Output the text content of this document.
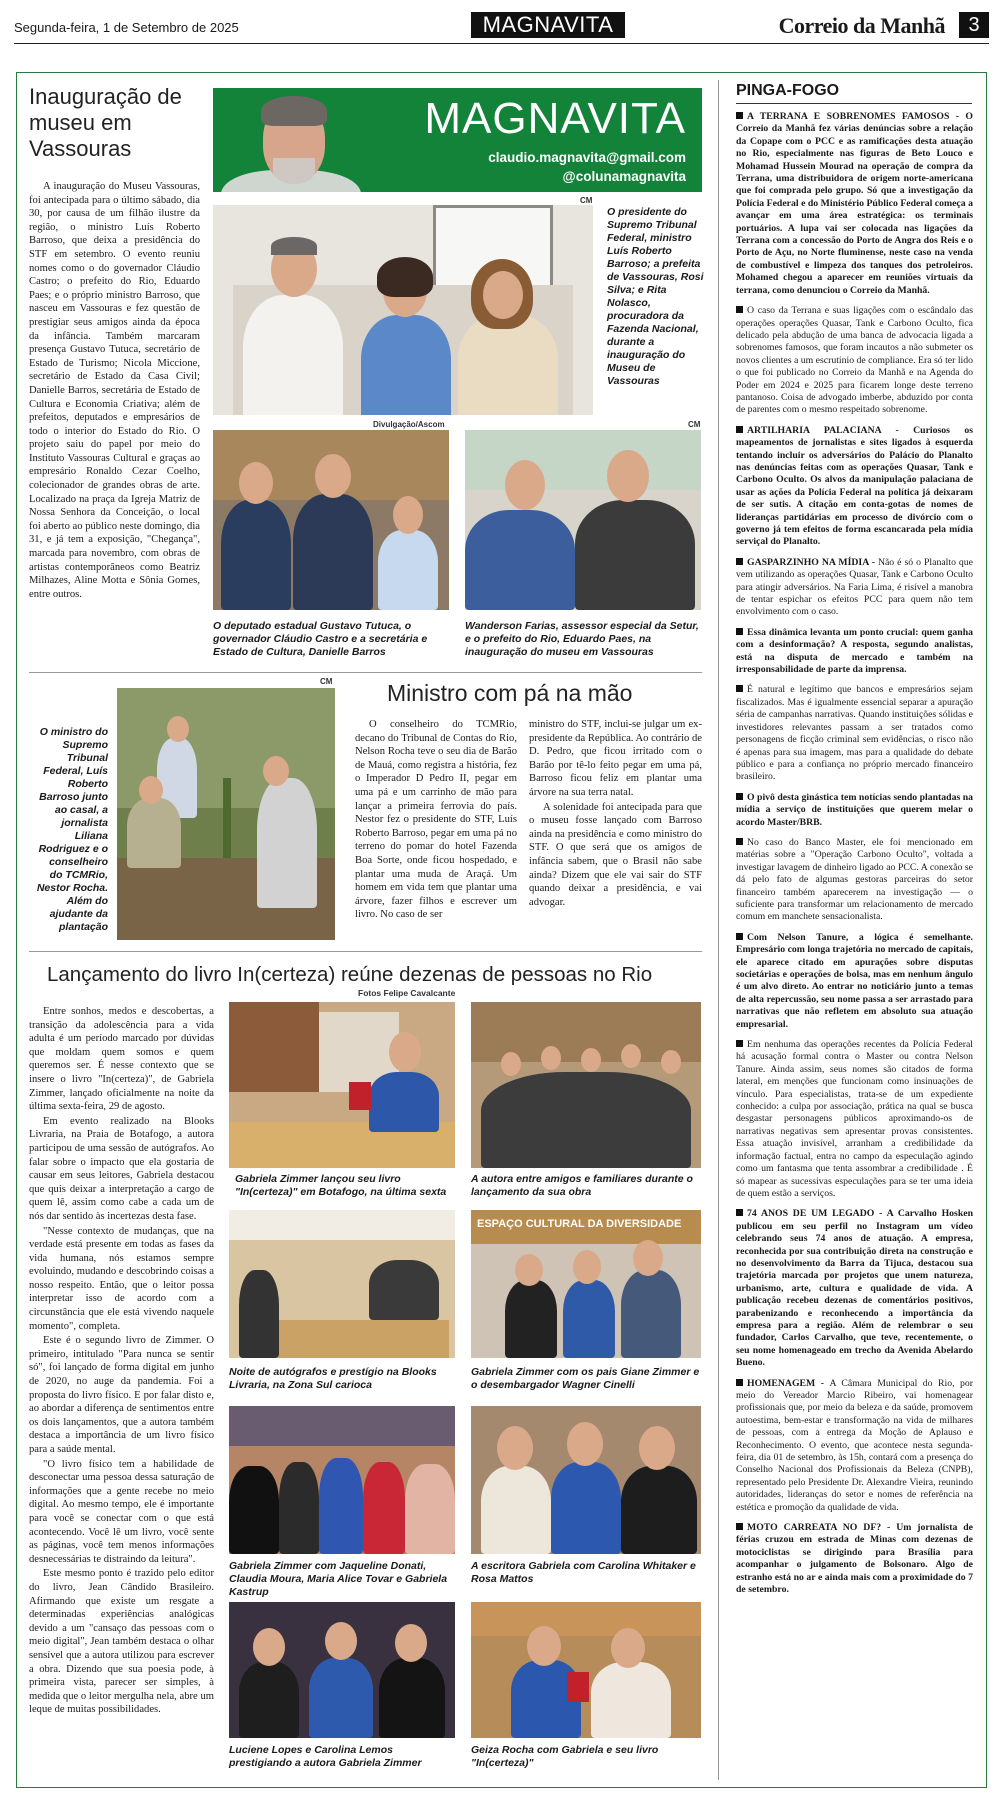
Segunda-feira, 1 de Setembro de 2025	MAGNAVITA	Correio da Manhã	3
Inauguração de museu em Vassouras

A inauguração do Museu Vassouras, foi antecipada para o último sábado, dia 30, por causa de um filhão ilustre da região, o ministro Luís Roberto Barroso, que deixa a presidência do STF em setembro. O evento reuniu nomes como o do governador Cláudio Castro; o prefeito do Rio, Eduardo Paes; e o próprio ministro Barroso, que nasceu em Vassouras e fez questão de prestigiar seus amigos ainda da época da infância. Também marcaram presença Gustavo Tutuca, secretário de Estado de Turismo; Nicola Miccione, secretário de Estado da Casa Civil; Danielle Barros, secretária de Estado de Cultura e Economia Criativa; além de prefeitos, deputados e empresários de todo o interior do Estado do Rio. O projeto saiu do papel por meio do Instituto Vassouras Cultural e graças ao empresário Ronaldo Cezar Coelho, colecionador de grandes obras de arte. Localizado na praça da Igreja Matriz de Nossa Senhora da Conceição, o local foi aberto ao público neste domingo, dia 31, e já tem a exposição, "Chegança", marcada para novembro, com obras de artistas contemporâneos como Beatriz Milhazes, Aline Motta e Sônia Gomes, entre outros.

MAGNAVITA
claudio.magnavita@gmail.com
@colunamagnavita
CM
O presidente do Supremo Tribunal Federal, ministro Luís Roberto Barroso; a prefeita de Vassouras, Rosi Silva; e Rita Nolasco, procuradora da Fazenda Nacional, durante a inauguração do Museu de Vassouras
Divulgação/Ascom	CM
O deputado estadual Gustavo Tutuca, o governador Cláudio Castro e a secretária e Estado de Cultura, Danielle Barros
Wanderson Farias, assessor especial da Setur, e o prefeito do Rio, Eduardo Paes, na inauguração do museu em Vassouras
O ministro do Supremo Tribunal Federal, Luís Roberto Barroso junto ao casal, a jornalista Liliana Rodriguez e o conselheiro do TCMRio, Nestor Rocha. Além do ajudante da plantação
CM Ministro com pá na mão

O conselheiro do TCMRio, decano do Tribunal de Contas do Rio, Nelson Rocha teve o seu dia de Barão de Mauá, como registra a história, fez o Imperador D Pedro II, pegar em uma pá e um carrinho de mão para lançar a primeira ferrovia do país. Nestor fez o presidente do STF, Luís Roberto Barroso, pegar em uma pá no terreno do pomar do hotel Fazenda Boa Sorte, onde ficou hospedado, e plantar uma muda de Araçá. Um homem em vida tem que plantar uma árvore, fazer filhos e escrever um livro. No caso de ser

ministro do STF, inclui-se julgar um ex-presidente da República. Ao contrário de D. Pedro, que ficou irritado com o Barão por tê-lo feito pegar em uma pá, Barroso ficou feliz em plantar uma árvore na sua terra natal.

A solenidade foi antecipada para que o museu fosse lançado com Barroso ainda na presidência e como ministro do STF. O que será que os amigos de infância sabem, que o Brasil não sabe ainda? Dizem que ele vai sair do STF quando deixar a presidência, e vai advogar.

Lançamento do livro In(certeza) reúne dezenas de pessoas no Rio
Fotos Felipe Cavalcante

Entre sonhos, medos e descobertas, a transição da adolescência para a vida adulta é um período marcado por dúvidas que moldam quem somos e quem queremos ser. É nesse contexto que se insere o livro "In(certeza)", de Gabriela Zimmer, lançado oficialmente na noite da última sexta-feira, 29 de agosto.

Em evento realizado na Blooks Livraria, na Praia de Botafogo, a autora participou de uma sessão de autógrafos. Ao falar sobre o impacto que ela gostaria de causar em seus leitores, Gabriela destacou que quis deixar a interpretação a cargo de quem lê, assim como cabe a cada um de nós dar sentido às incertezas desta fase.

"Nesse contexto de mudanças, que na verdade está presente em todas as fases da vida humana, nós estamos sempre evoluindo, mudando e descobrindo coisas a nosso respeito. Então, que o leitor possa interpretar isso de acordo com a circunstância que ele está vivendo naquele momento", completa.

Este é o segundo livro de Zimmer. O primeiro, intitulado "Para nunca se sentir só", foi lançado de forma digital em junho de 2020, no auge da pandemia. Foi a proposta do livro físico. E por falar disto e, ao abordar a diferença de sentimentos entre os dois lançamentos, que a autora também destaca a importância de um livro físico para a saúde mental.

"O livro físico tem a habilidade de desconectar uma pessoa dessa saturação de informações que a gente recebe no meio digital. Ao mesmo tempo, ele é importante para você se conectar com o que está acontecendo. Você lê um livro, você sente as páginas, você tem menos informações desnecessárias te distraindo da leitura".

Este mesmo ponto é trazido pelo editor do livro, Jean Cândido Brasileiro. Afirmando que existe um resgate a determinadas experiências analógicas devido a um "cansaço das pessoas com o meio digital", Jean também destaca o olhar sensível que a autora utilizou para escrever a obra. Dizendo que sua poesia pode, à primeira vista, parecer ser simples, à medida que o leitor mergulha nela, abre um leque de muitas possibilidades.

Gabriela Zimmer lançou seu livro "In(certeza)" em Botafogo, na última sexta
A autora entre amigos e familiares durante o lançamento da sua obra
ESPAÇO CULTURAL DA DIVERSIDADE
Noite de autógrafos e prestígio na Blooks Livraria, na Zona Sul carioca
Gabriela Zimmer com os pais Giane Zimmer e o desembargador Wagner Cinelli
Gabriela Zimmer com Jaqueline Donati, Claudia Moura, Maria Alice Tovar e Gabriela Kastrup
A escritora Gabriela com Carolina Whitaker e Rosa Mattos
Luciene Lopes e Carolina Lemos prestigiando a autora Gabriela Zimmer
Geiza Rocha com Gabriela e seu livro "In(certeza)"
PINGA-FOGO

A TERRANA E SOBRENOMES FAMOSOS - O Correio da Manhã fez várias denúncias sobre a relação da Copape com o PCC e as ramificações desta atuação no Rio, especialmente nas figuras de Beto Louco e Mohamad Hussein Mourad na operação de compra da Terrana, uma distribuidora de origem norte-americana que foi comprada pelo grupo. Só que a investigação da Polícia Federal e do Ministério Público Federal começa a avançar em uma área estratégica: os terminais portuários. A lupa vai ser colocada nas ligações da Terrana com a concessão do Porto de Angra dos Reis e o Porto de Açu, no Norte fluminense, neste caso na venda de combustível e limpeza dos tanques dos petroleiros. Mohamed chegou a aparecer em reuniões virtuais da terrana, como denunciou o Correio da Manhã.

O caso da Terrana e suas ligações com o escândalo das operações operações Quasar, Tank e Carbono Oculto, fica delicado pela abdução de uma banca de advocacia ligada a sobrenomes famosos, que foram incautos a não submeter os novos clientes a um escrutínio de compliance. Era só ter lido o que foi publicado no Correio da Manhã e na Agenda do Poder em 2024 e 2025 para ficarem longe deste terreno pantanoso. Coisa de advogado imberbe, abduzido por conta de parentes com o mesmo respeitado sobrenome.

ARTILHARIA PALACIANA - Curiosos os mapeamentos de jornalistas e sites ligados à esquerda tentando incluir os adversários do Palácio do Planalto nas denúncias feitas com as operações Quasar, Tank e Carbono Oculto. Os alvos da manipulação palaciana de usar as ações da Polícia Federal na política já deixaram de ser sutis. A citação em conta-gotas de nomes de lideranças partidárias em processo de divórcio com o governo já tem efeitos de forma escancarada pela mídia serviçal do Planalto.

GASPARZINHO NA MÍDIA - Não é só o Planalto que vem utilizando as operações Quasar, Tank e Carbono Oculto para atingir adversários. Na Faria Lima, é risível a manobra de tentar espichar os efeitos PCC para quem não tem envolvimento com o caso.

Essa dinâmica levanta um ponto crucial: quem ganha com a desinformação? A resposta, segundo analistas, está na disputa de mercado e também na irresponsabilidade de parte da imprensa.

É natural e legítimo que bancos e empresários sejam fiscalizados. Mas é igualmente essencial separar a apuração séria de campanhas narrativas. Quando instituições sólidas e investidores relevantes passam a ser tratados como personagens de ficção criminal sem evidências, o risco não é apenas para sua imagem, mas para a qualidade do debate público e para a confiança no próprio mercado financeiro brasileiro.

O pivô desta ginástica tem notícias sendo plantadas na mídia a serviço de instituições que querem melar o acordo Master/BRB.

No caso do Banco Master, ele foi mencionado em matérias sobre a "Operação Carbono Oculto", voltada a investigar lavagem de dinheiro ligado ao PCC. A conexão se dá pelo fato de algumas gestoras parceiras do setor financeiro também aparecerem na investigação — o suficiente para transformar um relacionamento de mercado comum em manchete sensacionalista.

Com Nelson Tanure, a lógica é semelhante. Empresário com longa trajetória no mercado de capitais, ele aparece citado em apurações sobre disputas societárias e operações de bolsa, mas em nenhum ângulo é um alvo direto. Ao entrar no noticiário junto a temas de alta repercussão, seu nome passa a ser arrastado para narrativas que não refletem em absoluto sua atuação empresarial.

Em nenhuma das operações recentes da Polícia Federal há acusação formal contra o Master ou contra Nelson Tanure. Ainda assim, seus nomes são citados de forma lateral, em menções que funcionam como insinuações de vínculo. Para especialistas, trata-se de um expediente conhecido: a culpa por associação, prática na qual se busca desgastar personagens públicos aproximando-os de narrativas negativas sem apresentar provas consistentes. Essa atuação invisível, arranham a credibilidade da informação factual, entra no campo da especulação agindo como um fantasma que tenta assombrar a credibilidade . É só mapear as sucessivas especulações para se ter uma ideia de quem estão a serviços.

74 ANOS DE UM LEGADO - A Carvalho Hosken publicou em seu perfil no Instagram um vídeo celebrando seus 74 anos de atuação. A empresa, reconhecida por sua contribuição direta na construção e no desenvolvimento da Barra da Tijuca, destacou sua trajetória marcada por projetos que unem natureza, urbanismo, arte, cultura e qualidade de vida. A publicação recebeu dezenas de comentários positivos, parabenizando e reconhecendo a importância da empresa para a região. Além de relembrar o seu fundador, Carlos Carvalho, que teve, recentemente, o seu nome homenageado em trecho da Avenida Abelardo Bueno.

HOMENAGEM - A Câmara Municipal do Rio, por meio do Vereador Marcio Ribeiro, vai homenagear profissionais que, por meio da beleza e da saúde, promovem autoestima, bem-estar e transformação na vida de milhares de pessoas, com a entrega da Moção de Aplauso e Reconhecimento. O evento, que acontece nesta segunda-feira, dia 01 de setembro, às 15h, contará com a presença do Conselho Nacional dos Profissionais da Beleza (CNPB), representado pelo Presidente Dr. Alexandre Vieira, reunindo autoridades, lideranças do setor e nomes de referência na estética e promoção da qualidade de vida.

MOTO CARREATA NO DF? - Um jornalista de férias cruzou em estrada de Minas com dezenas de motociclistas se dirigindo para Brasília para acompanhar o julgamento de Bolsonaro. Algo de estranho está no ar e ainda mais com a proximidade do 7 de setembro.
